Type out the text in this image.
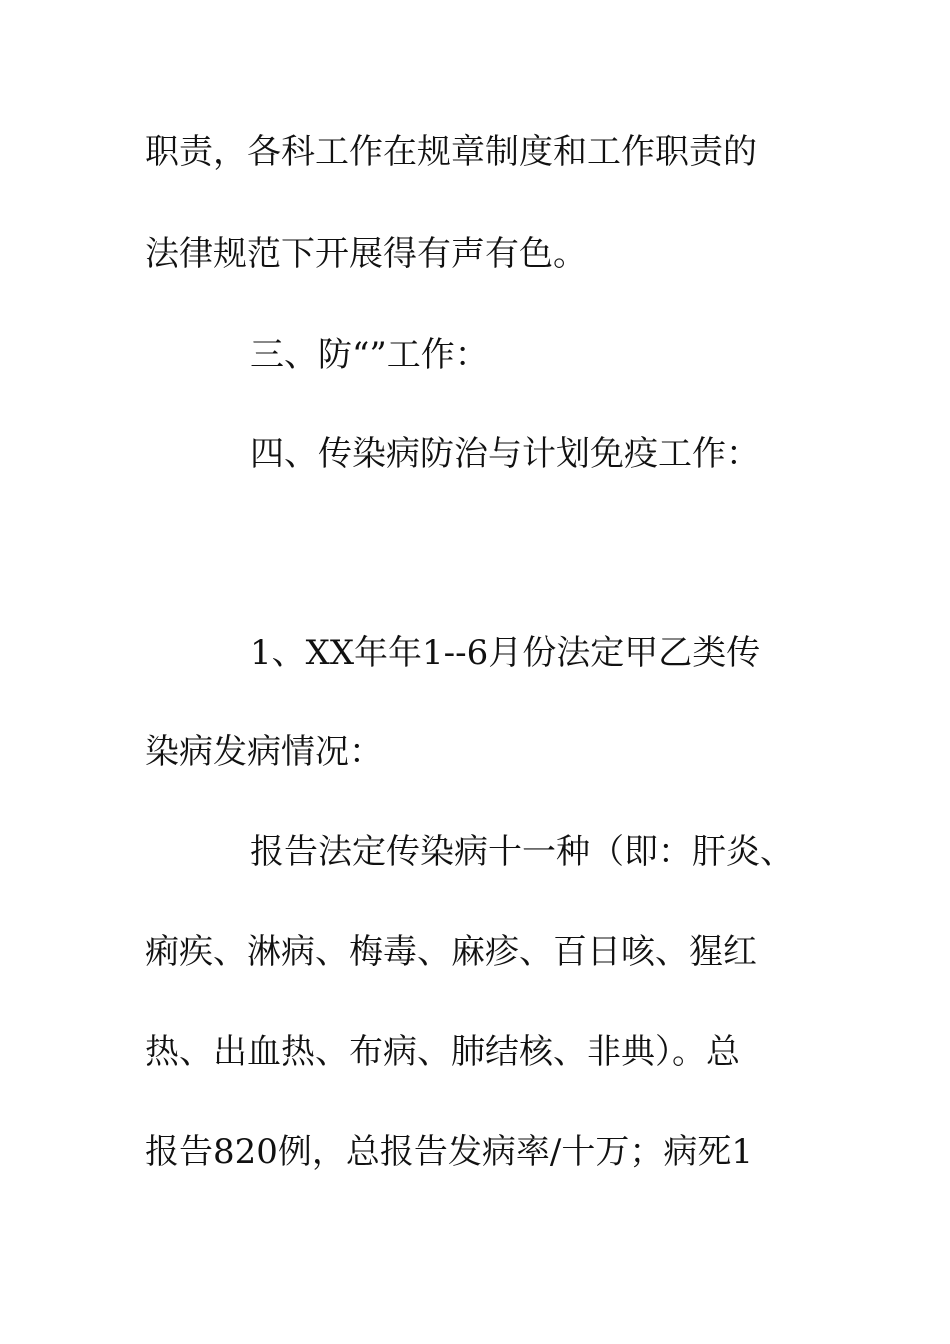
职责，各科工作在规章制度和工作职责的
法律规范下开展得有声有色。
三、防“”工作：
四、传染病防治与计划免疫工作：
1、XX年年1--6月份法定甲乙类传
染病发病情况：
报告法定传染病十一种（即：肝炎、
痢疾、淋病、梅毒、麻疹、百日咳、猩红
热、出血热、布病、肺结核、非典）。总
报告820例，总报告发病率/十万；病死1
